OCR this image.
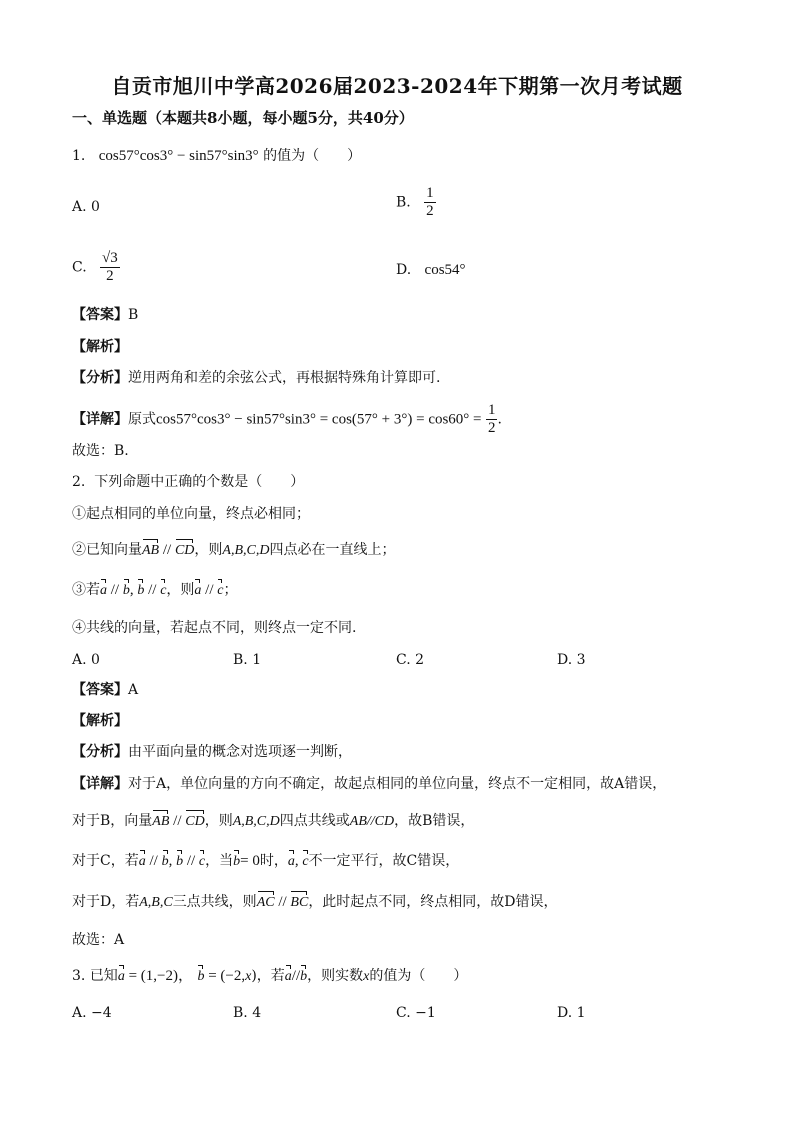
自贡市旭川中学高2026届2023-2024年下期第一次月考试题
一、单选题（本题共8小题，每小题5分，共40分）
1. cos57°cos3° − sin57°sin3° 的值为（　　）
A. 0	B. $\frac{1}{2}$
C. $\frac{√3}{2}$	D. cos54°
【答案】B
【解析】
【分析】逆用两角和差的余弦公式，再根据特殊角计算即可.
【详解】原式$\cos 57^\circ\cos 3^\circ - \sin 57^\circ\sin 3^\circ = \cos(57^\circ + 3^\circ) = \cos 60^\circ = \frac{1}{2}$ .
故选：B.
2. 下列命题中正确的个数是（　　）
①起点相同的单位向量，终点必相同；
②已知向量AB // CD，则A,B,C,D四点必在一直线上；
③若a // b, b // c，则a // c；
④共线的向量，若起点不同，则终点一定不同.
A. 0	B. 1	C. 2	D. 3
【答案】A
【解析】
【分析】由平面向量的概念对选项逐一判断，
【详解】对于A，单位向量的方向不确定，故起点相同的单位向量，终点不一定相同，故A错误，
对于B，向量AB // CD，则A,B,C,D四点共线或AB//CD，故B错误，
对于C，若a // b, b // c，当b= 0时，a, c不一定平行，故C错误，
对于D，若A,B,C三点共线，则AC // BC，此时起点不同，终点相同，故D错误，
故选：A
3. 已知a = (1,−2)， b = (−2,x)，若a//b，则实数x的值为（　　）
A. −4	B. 4	C. −1	D. 1
